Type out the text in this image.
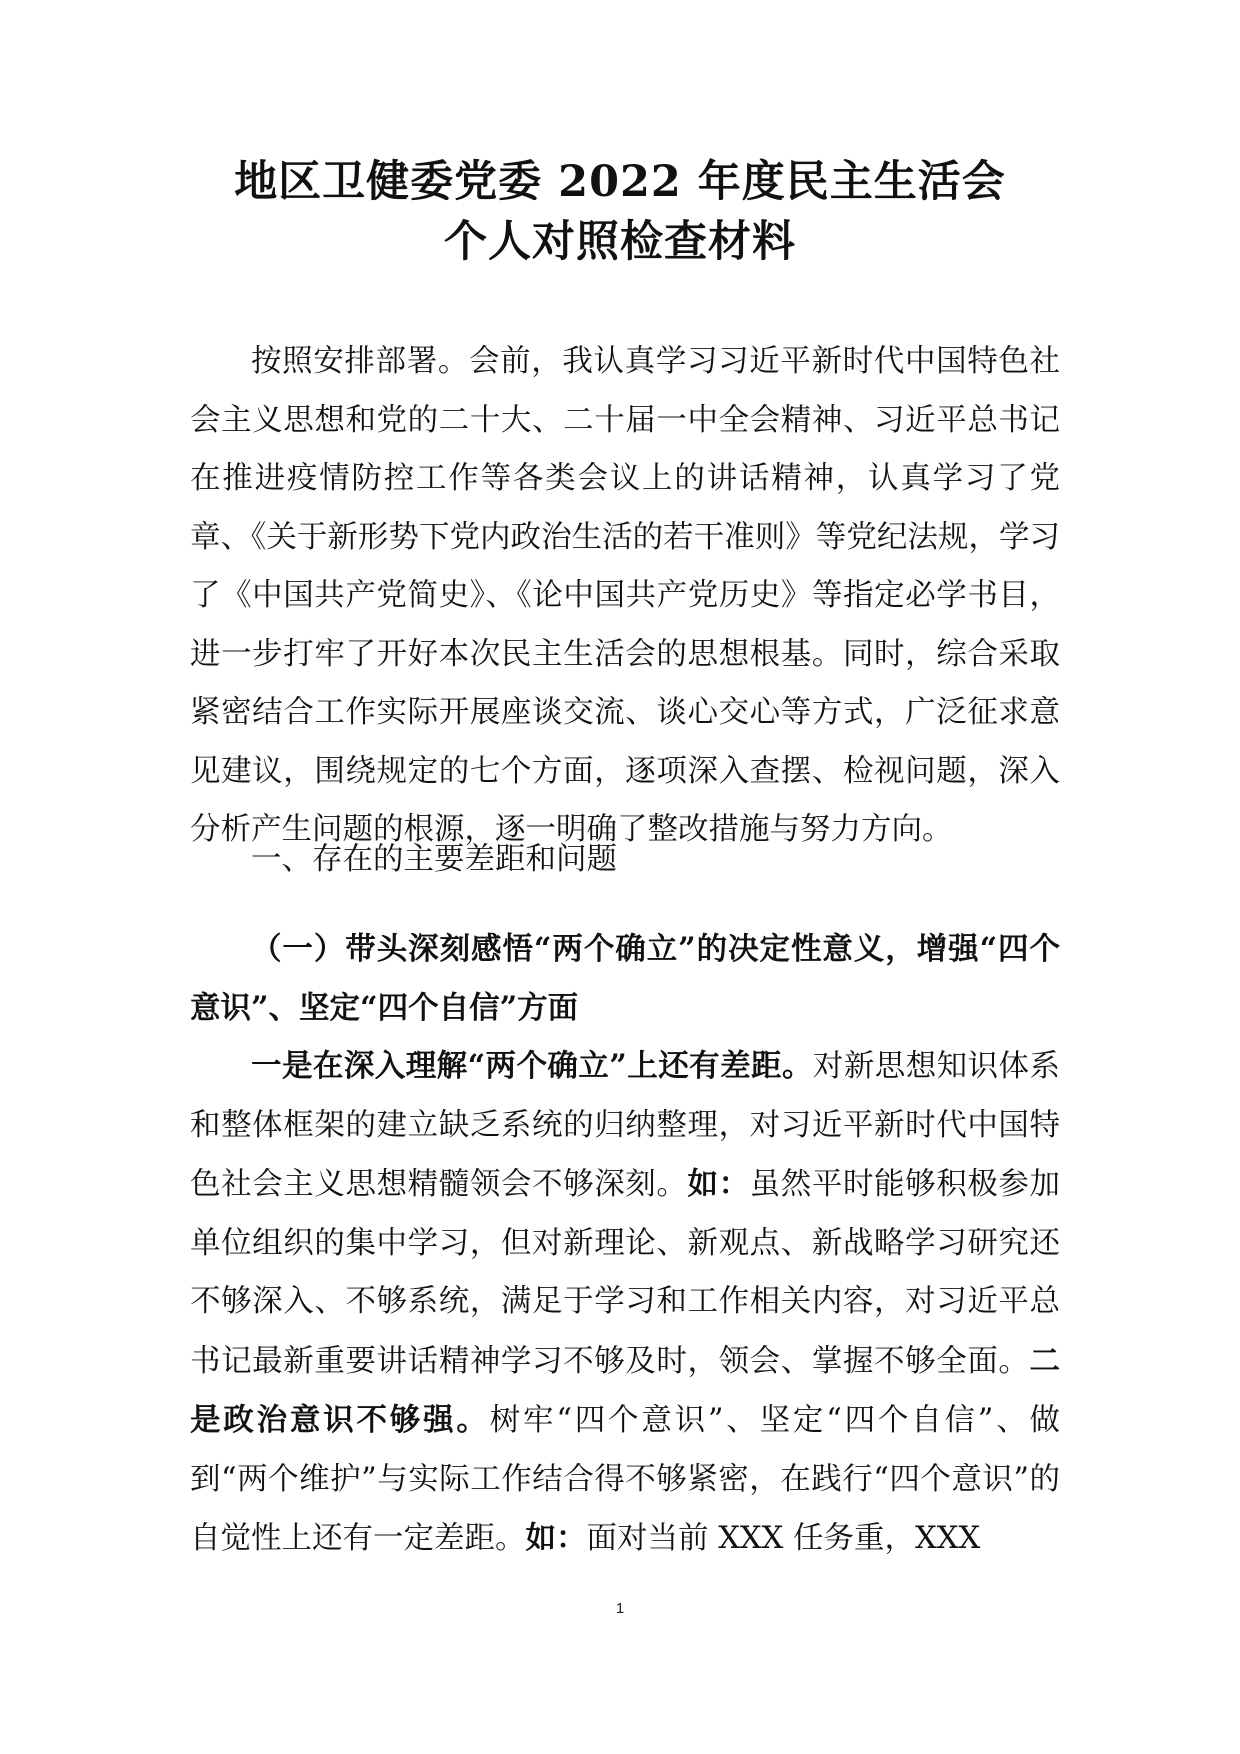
地区卫健委党委 2022 年度民主生活会
个人对照检查材料

按照安排部署。会前，我认真学习习近平新时代中国特色社会主义思想和党的二十大、二十届一中全会精神、习近平总书记在推进疫情防控工作等各类会议上的讲话精神，认真学习了党章、《关于新形势下党内政治生活的若干准则》等党纪法规，学习了《中国共产党简史》、《论中国共产党历史》等指定必学书目，进一步打牢了开好本次民主生活会的思想根基。同时，综合采取紧密结合工作实际开展座谈交流、谈心交心等方式，广泛征求意见建议，围绕规定的七个方面，逐项深入查摆、检视问题，深入分析产生问题的根源，逐一明确了整改措施与努力方向。

一、存在的主要差距和问题

（一）带头深刻感悟“两个确立”的决定性意义，增强“四个意识”、坚定“四个自信”方面

一是在深入理解“两个确立”上还有差距。对新思想知识体系和整体框架的建立缺乏系统的归纳整理，对习近平新时代中国特色社会主义思想精髓领会不够深刻。如：虽然平时能够积极参加单位组织的集中学习，但对新理论、新观点、新战略学习研究还不够深入、不够系统，满足于学习和工作相关内容，对习近平总书记最新重要讲话精神学习不够及时，领会、掌握不够全面。二是政治意识不够强。树牢“四个意识”、坚定“四个自信”、做到“两个维护”与实际工作结合得不够紧密，在践行“四个意识”的自觉性上还有一定差距。如：面对当前 XXX 任务重，XXX

1
